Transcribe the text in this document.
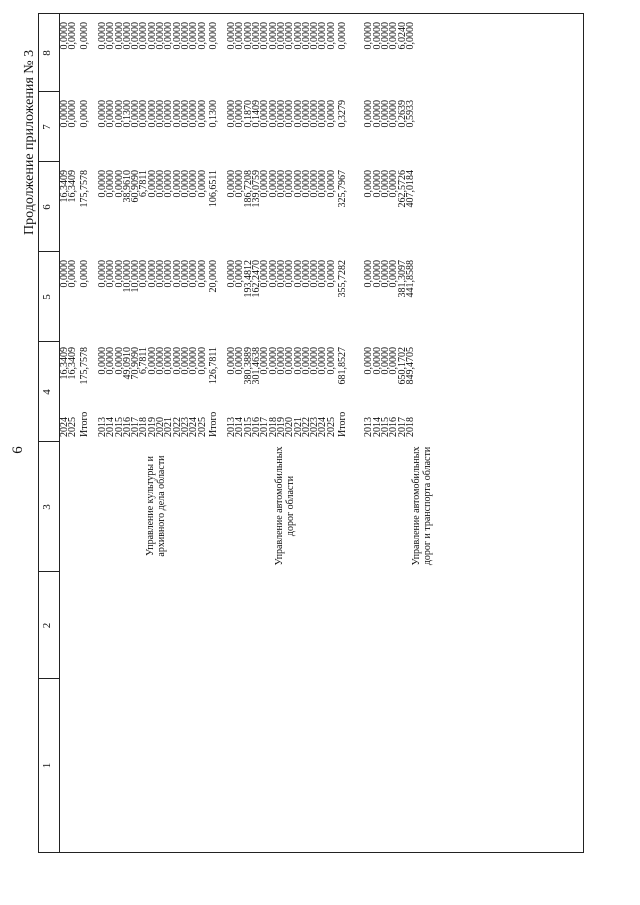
6
Продолжение приложения № 3
1
2
3
4
5
6
7
8
2024
16,3409
0,0000
16,3409
0,0000
0,0000
2025
16,3409
0,0000
16,3409
0,0000
0,0000
Итого
175,7578
0,0000
175,7578
0,0000
0,0000
Управление культуры и архивного дела области
2013
0,0000
0,0000
0,0000
0,0000
0,0000
2014
0,0000
0,0000
0,0000
0,0000
0,0000
2015
0,0000
0,0000
0,0000
0,0000
0,0000
2016
49,0910
10,0000
38,9610
0,1300
0,0000
2017
70,9090
10,0000
60,9090
0,0000
0,0000
2018
6,7811
0,0000
6,7811
0,0000
0,0000
2019
0,0000
0,0000
0,0000
0,0000
0,0000
2020
0,0000
0,0000
0,0000
0,0000
0,0000
2021
0,0000
0,0000
0,0000
0,0000
0,0000
2022
0,0000
0,0000
0,0000
0,0000
0,0000
2023
0,0000
0,0000
0,0000
0,0000
0,0000
2024
0,0000
0,0000
0,0000
0,0000
0,0000
2025
0,0000
0,0000
0,0000
0,0000
0,0000
Итого
126,7811
20,0000
106,6511
0,1300
0,0000
Управление автомобильных дорог области
2013
0,0000
0,0000
0,0000
0,0000
0,0000
2014
0,0000
0,0000
0,0000
0,0000
0,0000
2015
380,3889
193,4812
186,7208
0,1870
0,0000
2016
301,4638
162,2470
139,0759
0,1409
0,0000
2017
0,0000
0,0000
0,0000
0,0000
0,0000
2018
0,0000
0,0000
0,0000
0,0000
0,0000
2019
0,0000
0,0000
0,0000
0,0000
0,0000
2020
0,0000
0,0000
0,0000
0,0000
0,0000
2021
0,0000
0,0000
0,0000
0,0000
0,0000
2022
0,0000
0,0000
0,0000
0,0000
0,0000
2023
0,0000
0,0000
0,0000
0,0000
0,0000
2024
0,0000
0,0000
0,0000
0,0000
0,0000
2025
0,0000
0,0000
0,0000
0,0000
0,0000
Итого
681,8527
355,7282
325,7967
0,3279
0,0000
Управление автомобильных дорог и транспорта области
2013
0,0000
0,0000
0,0000
0,0000
0,0000
2014
0,0000
0,0000
0,0000
0,0000
0,0000
2015
0,0000
0,0000
0,0000
0,0000
0,0000
2016
0,0000
0,0000
0,0000
0,0000
0,0000
2017
650,1702
381,3097
262,5726
0,2639
6,0240
2018
849,4705
441,8588
407,0184
0,5933
0,0000
